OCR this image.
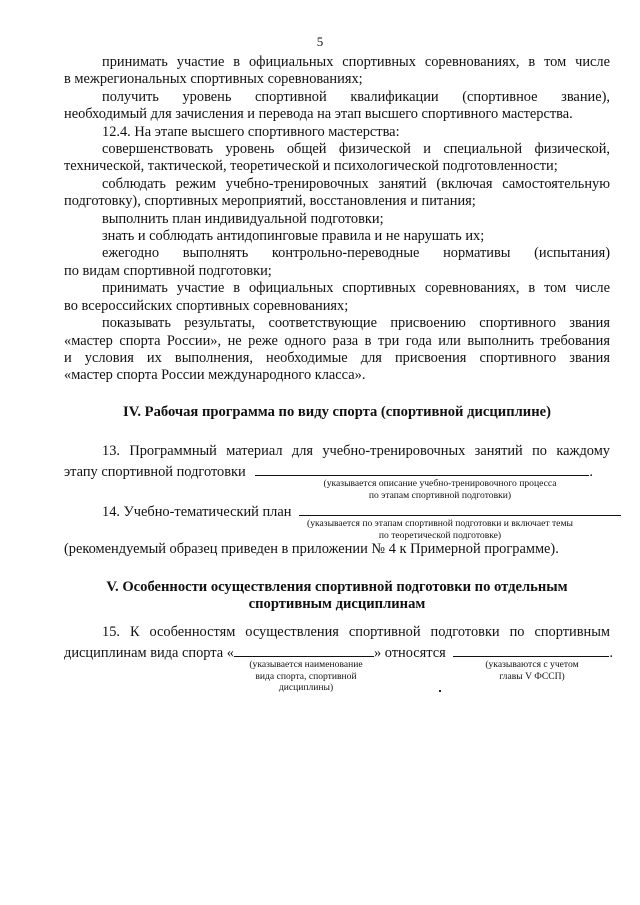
5
принимать участие в официальных спортивных соревнованиях, в том числе
в межрегиональных спортивных соревнованиях;
получить уровень спортивной квалификации (спортивное звание),
необходимый для зачисления и перевода на этап высшего спортивного мастерства.
12.4. На этапе высшего спортивного мастерства:
совершенствовать уровень общей физической и специальной физической,
технической, тактической, теоретической и психологической подготовленности;
соблюдать режим учебно-тренировочных занятий (включая самостоятельную
подготовку), спортивных мероприятий, восстановления и питания;
выполнить план индивидуальной подготовки;
знать и соблюдать антидопинговые правила и не нарушать их;
ежегодно выполнять контрольно-переводные нормативы (испытания)
по видам спортивной подготовки;
принимать участие в официальных спортивных соревнованиях, в том числе
во всероссийских спортивных соревнованиях;
показывать результаты, соответствующие присвоению спортивного звания
«мастер спорта России», не реже одного раза в три года или выполнить требования
и условия их выполнения, необходимые для присвоения спортивного звания
«мастер спорта России международного класса».
IV. Рабочая программа по виду спорта (спортивной дисциплине)
13. Программный материал для учебно-тренировочных занятий по каждому
этапу спортивной подготовки	.
(указывается описание учебно-тренировочного процесса
по этапам спортивной подготовки)
14. Учебно-тематический план
(указывается по этапам спортивной подготовки и включает темы
по теоретической подготовке)
(рекомендуемый образец приведен в приложении № 4 к Примерной программе).
V. Особенности осуществления спортивной подготовки по отдельным
спортивным дисциплинам
15. К особенностям осуществления спортивной подготовки по спортивным
дисциплинам вида спорта «	» относятся	.
(указывается наименование
вида спорта, спортивной
дисциплины)
(указываются с учетом
главы V ФССП)
